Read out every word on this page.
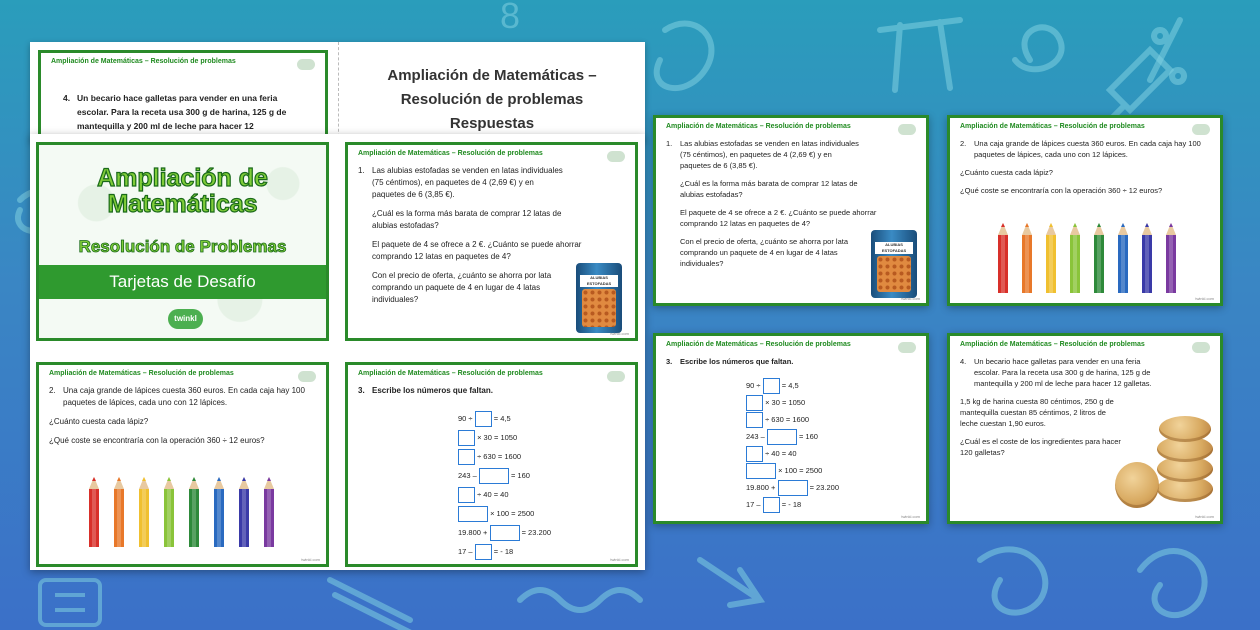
8
Ampliación de Matemáticas – Resolución de problemas
4. Un becario hace galletas para vender en una feria escolar. Para la receta usa 300 g de harina, 125 g de mantequilla y 200 ml de leche para hacer 12
Ampliación de Matemáticas –
Resolución de problemas
Respuestas
Ampliación de
Matemáticas
Resolución de Problemas
Tarjetas de Desafío
twinkl
Ampliación de Matemáticas – Resolución de problemas

1. Las alubias estofadas se venden en latas individuales (75 céntimos), en paquetes de 4 (2,69 €) y en paquetes de 6 (3,85 €).

¿Cuál es la forma más barata de comprar 12 latas de alubias estofadas?

El paquete de 4 se ofrece a 2 €. ¿Cuánto se puede ahorrar comprando 12 latas en paquetes de 4?

Con el precio de oferta, ¿cuánto se ahorra por lata comprando un paquete de 4 en lugar de 4 latas individuales?

ALUBIAS ESTOFADAS
twinkl.com
Ampliación de Matemáticas – Resolución de problemas

2. Una caja grande de lápices cuesta 360 euros. En cada caja hay 100 paquetes de lápices, cada uno con 12 lápices.

¿Cuánto cuesta cada lápiz?

¿Qué coste se encontraría con la operación 360 ÷ 12 euros?

twinkl.com
Ampliación de Matemáticas – Resolución de problemas

3. Escribe los números que faltan.

90 ÷	= 4,5
× 30 = 1050
÷ 630 = 1600
243 –	= 160
÷ 40 = 40
× 100 = 2500
19.800 +	= 23.200
17 –	= - 18
twinkl.com
Ampliación de Matemáticas – Resolución de problemas

1. Las alubias estofadas se venden en latas individuales (75 céntimos), en paquetes de 4 (2,69 €) y en paquetes de 6 (3,85 €).

¿Cuál es la forma más barata de comprar 12 latas de alubias estofadas?

El paquete de 4 se ofrece a 2 €. ¿Cuánto se puede ahorrar comprando 12 latas en paquetes de 4?

Con el precio de oferta, ¿cuánto se ahorra por lata comprando un paquete de 4 en lugar de 4 latas individuales?

ALUBIAS ESTOFADAS
twinkl.com
Ampliación de Matemáticas – Resolución de problemas

2. Una caja grande de lápices cuesta 360 euros. En cada caja hay 100 paquetes de lápices, cada uno con 12 lápices.

¿Cuánto cuesta cada lápiz?

¿Qué coste se encontraría con la operación 360 ÷ 12 euros?

twinkl.com
Ampliación de Matemáticas – Resolución de problemas

3. Escribe los números que faltan.

90 ÷	= 4,5
× 30 = 1050
÷ 630 = 1600
243 –	= 160
÷ 40 = 40
× 100 = 2500
19.800 +	= 23.200
17 –	= - 18
twinkl.com
Ampliación de Matemáticas – Resolución de problemas

4. Un becario hace galletas para vender en una feria escolar. Para la receta usa 300 g de harina, 125 g de mantequilla y 200 ml de leche para hacer 12 galletas.

1,5 kg de harina cuesta 80 céntimos, 250 g de mantequilla cuestan 85 céntimos, 2 litros de leche cuestan 1,90 euros.

¿Cuál es el coste de los ingredientes para hacer 120 galletas?

twinkl.com
